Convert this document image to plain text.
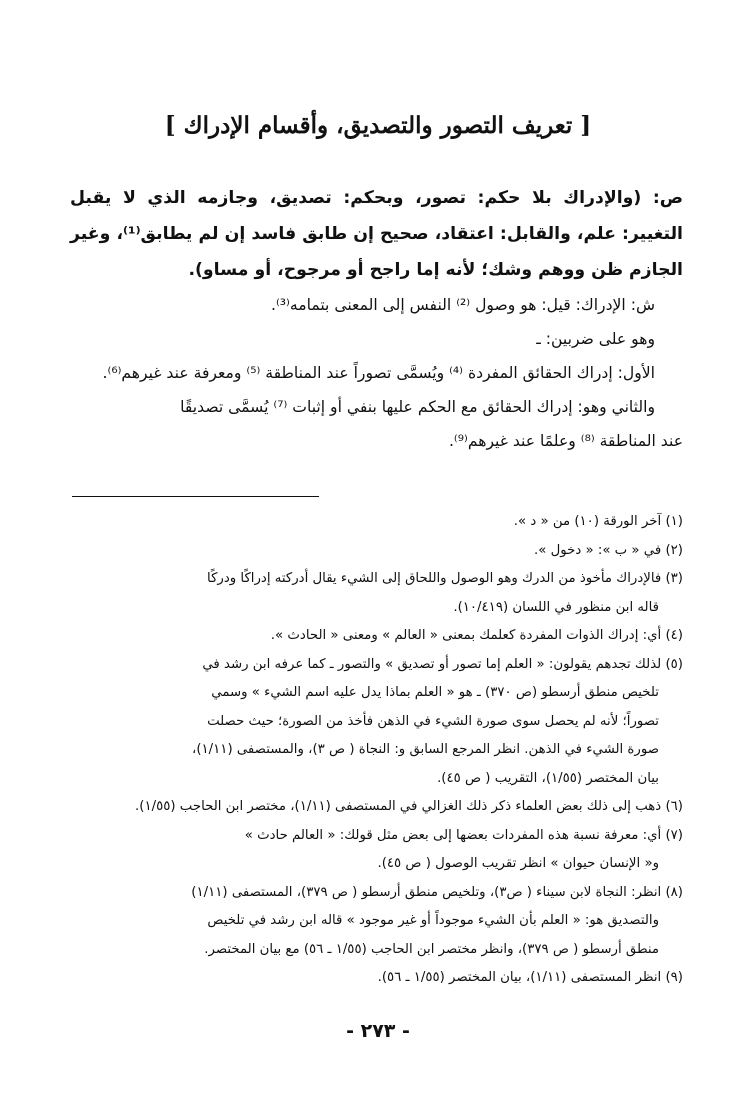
[ تعريف التصور والتصديق، وأقسام الإدراك ]

ص: (والإدراك بلا حكم: تصور، وبحكم: تصديق، وجازمه الذي لا يقبل التغيير: علم، والقابل: اعتقاد، صحيح إن طابق فاسد إن لم يطابق⁽¹⁾، وغير الجازم ظن ووهم وشك؛ لأنه إما راجح أو مرجوح، أو مساو).

ش: الإدراك: قيل: هو وصول ⁽²⁾ النفس إلى المعنى بتمامه⁽³⁾.

وهو على ضربين: ـ

الأول: إدراك الحقائق المفردة ⁽⁴⁾ ويُسمَّى تصوراً عند المناطقة ⁽⁵⁾ ومعرفة عند غيرهم⁽⁶⁾.

والثاني وهو: إدراك الحقائق مع الحكم عليها بنفي أو إثبات ⁽⁷⁾ يُسمَّى تصديقًا

عند المناطقة ⁽⁸⁾ وعلمًا عند غيرهم⁽⁹⁾.

(١) آخر الورقة (١٠) من « د ».

(٢) في « ب »: « دخول ».

(٣) فالإدراك مأخوذ من الدرك وهو الوصول واللحاق إلى الشيء يقال أدركته إدراكًا ودركًا
قاله ابن منظور في اللسان (١٠/٤١٩).

(٤) أي: إدراك الذوات المفردة كعلمك بمعنى « العالم » ومعنى « الحادث ».

(٥) لذلك تجدهم يقولون: « العلم إما تصور أو تصديق » والتصور ـ كما عرفه ابن رشد في
تلخيص منطق أرسطو (ص ٣٧٠) ـ هو « العلم بماذا يدل عليه اسم الشيء » وسمي
تصوراً؛ لأنه لم يحصل سوى صورة الشيء في الذهن فأخذ من الصورة؛ حيث حصلت
صورة الشيء في الذهن. انظر المرجع السابق و: النجاة ( ص ٣)، والمستصفى (١/١١)،
بيان المختصر (١/٥٥)، التقريب ( ص ٤٥).

(٦) ذهب إلى ذلك بعض العلماء ذكر ذلك الغزالي في المستصفى (١/١١)، مختصر ابن الحاجب (١/٥٥).

(٧) أي: معرفة نسبة هذه المفردات بعضها إلى بعض مثل قولك: « العالم حادث »
و« الإنسان حيوان » انظر تقريب الوصول ( ص ٤٥).

(٨) انظر: النجاة لابن سيناء ( ص٣)، وتلخيص منطق أرسطو ( ص ٣٧٩)، المستصفى (١/١١)
والتصديق هو: « العلم بأن الشيء موجوداً أو غير موجود » قاله ابن رشد في تلخيص
منطق أرسطو ( ص ٣٧٩)، وانظر مختصر ابن الحاجب (١/٥٥ ـ ٥٦) مع بيان المختصر.

(٩) انظر المستصفى (١/١١)، بيان المختصر (١/٥٥ ـ ٥٦).

- ٢٧٣ -
